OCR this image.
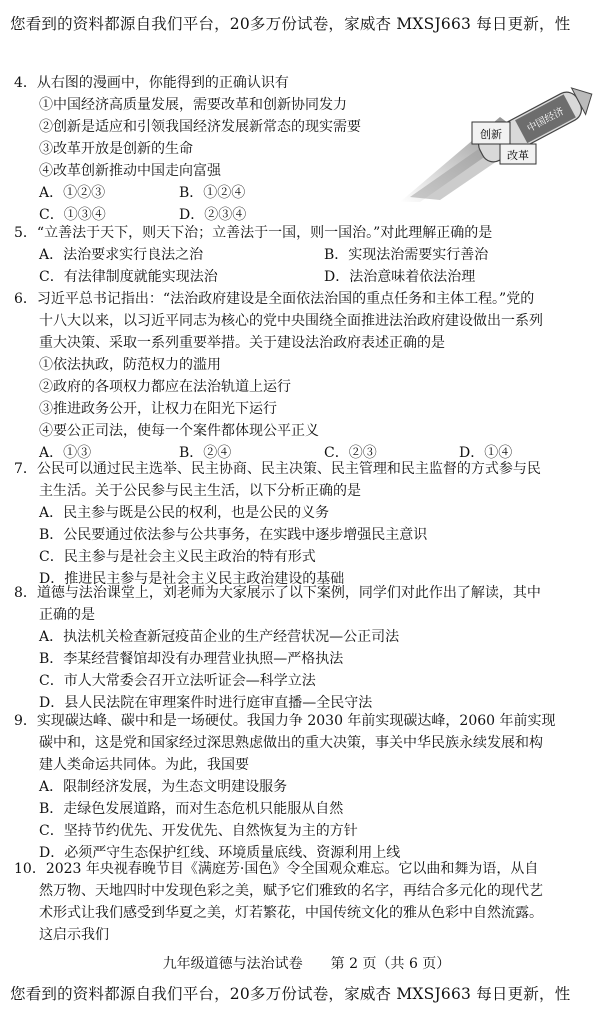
您看到的资料都源自我们平台，20多万份试卷，家威杏 MXSJ663 每日更新，性
4．从右图的漫画中，你能得到的正确认识有
①中国经济高质量发展，需要改革和创新协同发力
②创新是适应和引领我国经济发展新常态的现实需要
③改革开放是创新的生命
④改革创新推动中国走向富强
A．①②③	B．①②④
C．①③④	D．②③④
中国经济
创新
改革
5．“立善法于天下，则天下治；立善法于一国，则一国治。”对此理解正确的是
A．法治要求实行良法之治	B．实现法治需要实行善治
C．有法律制度就能实现法治	D．法治意味着依法治理
6．习近平总书记指出：“法治政府建设是全面依法治国的重点任务和主体工程。”党的
十八大以来，以习近平同志为核心的党中央围绕全面推进法治政府建设做出一系列
重大决策、采取一系列重要举措。关于建设法治政府表述正确的是
①依法执政，防范权力的滥用
②政府的各项权力都应在法治轨道上运行
③推进政务公开，让权力在阳光下运行
④要公正司法，使每一个案件都体现公平正义
A．①③	B．②④	C．②③	D．①④
7．公民可以通过民主选举、民主协商、民主决策、民主管理和民主监督的方式参与民
主生活。关于公民参与民主生活，以下分析正确的是
A．民主参与既是公民的权利，也是公民的义务
B．公民要通过依法参与公共事务，在实践中逐步增强民主意识
C．民主参与是社会主义民主政治的特有形式
D．推进民主参与是社会主义民主政治建设的基础
8．道德与法治课堂上，刘老师为大家展示了以下案例，同学们对此作出了解读，其中
正确的是
A．执法机关检查新冠疫苗企业的生产经营状况—公正司法
B．李某经营餐馆却没有办理营业执照—严格执法
C．市人大常委会召开立法听证会—科学立法
D．县人民法院在审理案件时进行庭审直播—全民守法
9．实现碳达峰、碳中和是一场硬仗。我国力争 2030 年前实现碳达峰，2060 年前实现
碳中和，这是党和国家经过深思熟虑做出的重大决策，事关中华民族永续发展和构
建人类命运共同体。为此，我国要
A．限制经济发展，为生态文明建设服务
B．走绿色发展道路，而对生态危机只能服从自然
C．坚持节约优先、开发优先、自然恢复为主的方针
D．必须严守生态保护红线、环境质量底线、资源利用上线
10．2023 年央视春晚节目《满庭芳·国色》令全国观众难忘。它以曲和舞为语，从自
然万物、天地四时中发现色彩之美，赋予它们雅致的名字，再结合多元化的现代艺
术形式让我们感受到华夏之美，灯若繁花，中国传统文化的雅从色彩中自然流露。
这启示我们
九年级道德与法治试卷　　第 2 页（共 6 页）
您看到的资料都源自我们平台，20多万份试卷，家威杏 MXSJ663 每日更新，性
